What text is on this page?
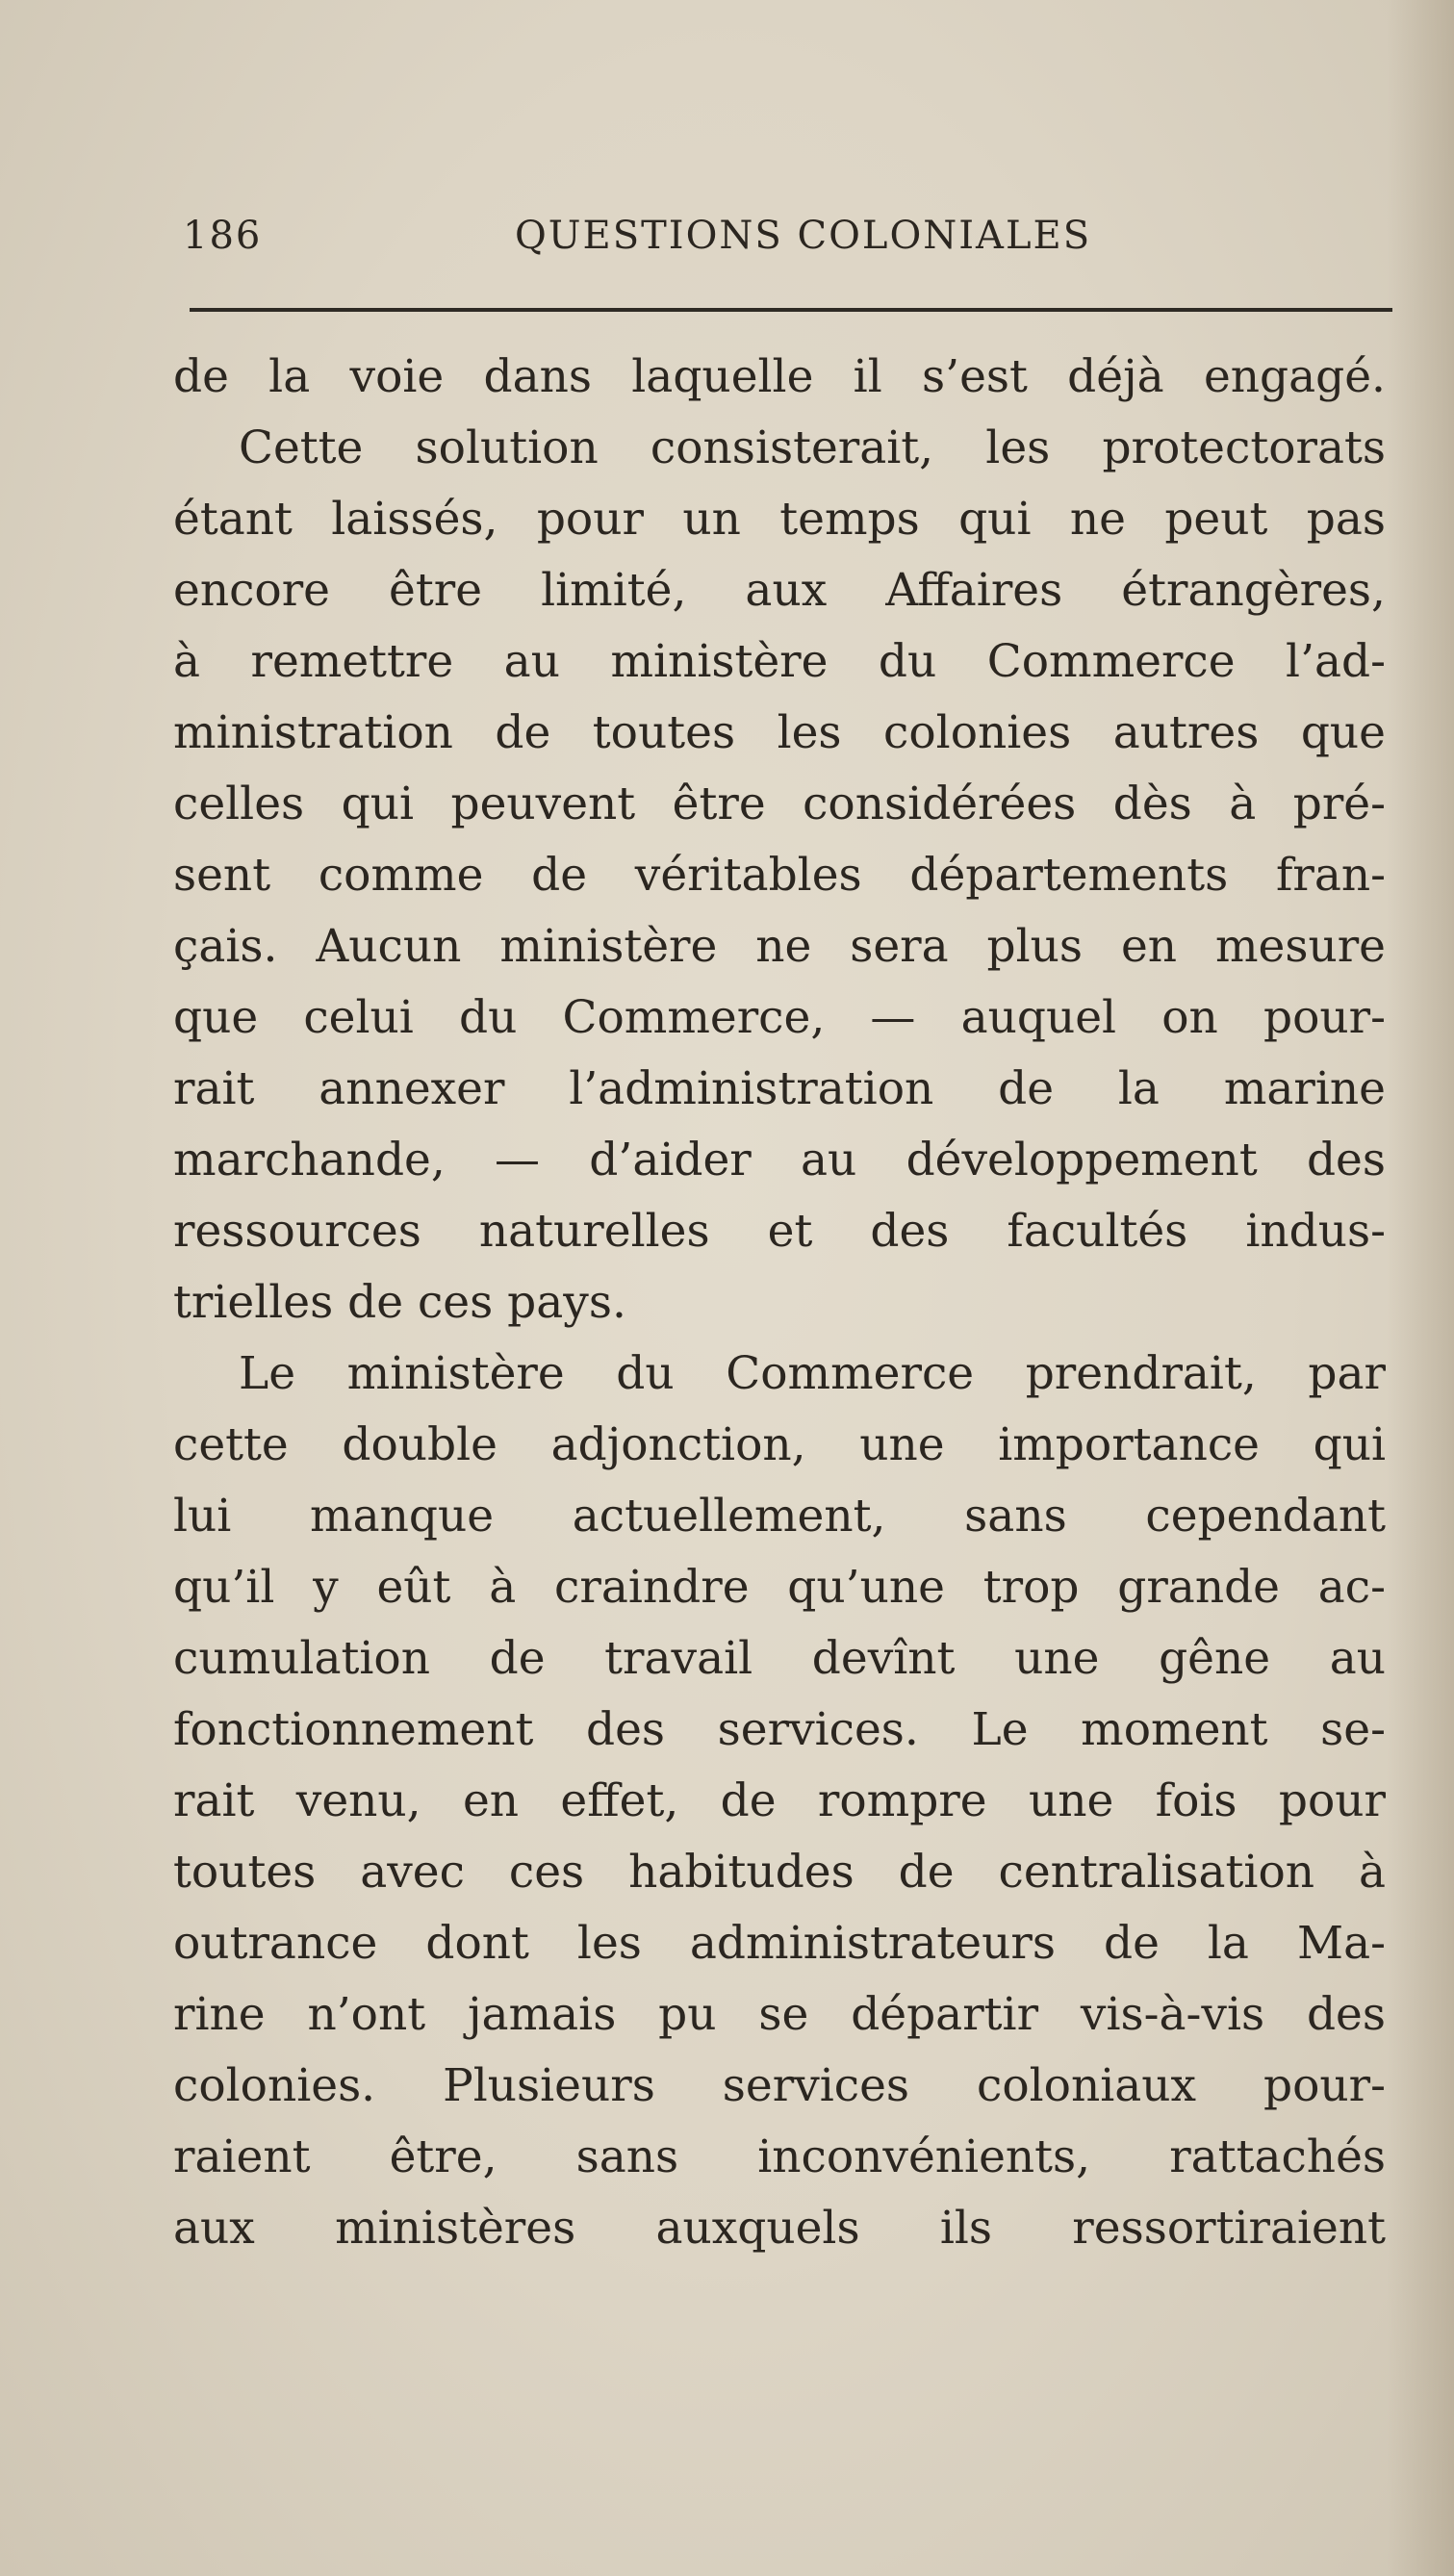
186	QUESTIONS COLONIALES
de la voie dans laquelle il s’est déjà engagé.
Cette solution consisterait, les protectorats
étant laissés, pour un temps qui ne peut pas
encore être limité, aux Affaires étrangères,
à remettre au ministère du Commerce l’ad-
ministration de toutes les colonies autres que
celles qui peuvent être considérées dès à pré-
sent comme de véritables départements fran-
çais. Aucun ministère ne sera plus en mesure
que celui du Commerce, — auquel on pour-
rait annexer l’administration de la marine
marchande, — d’aider au développement des
ressources naturelles et des facultés indus-
trielles de ces pays.
Le ministère du Commerce prendrait, par
cette double adjonction, une importance qui
lui manque actuellement, sans cependant
qu’il y eût à craindre qu’une trop grande ac-
cumulation de travail devînt une gêne au
fonctionnement des services. Le moment se-
rait venu, en effet, de rompre une fois pour
toutes avec ces habitudes de centralisation à
outrance dont les administrateurs de la Ma-
rine n’ont jamais pu se départir vis-à-vis des
colonies. Plusieurs services coloniaux pour-
raient être, sans inconvénients, rattachés
aux ministères auxquels ils ressortiraient
